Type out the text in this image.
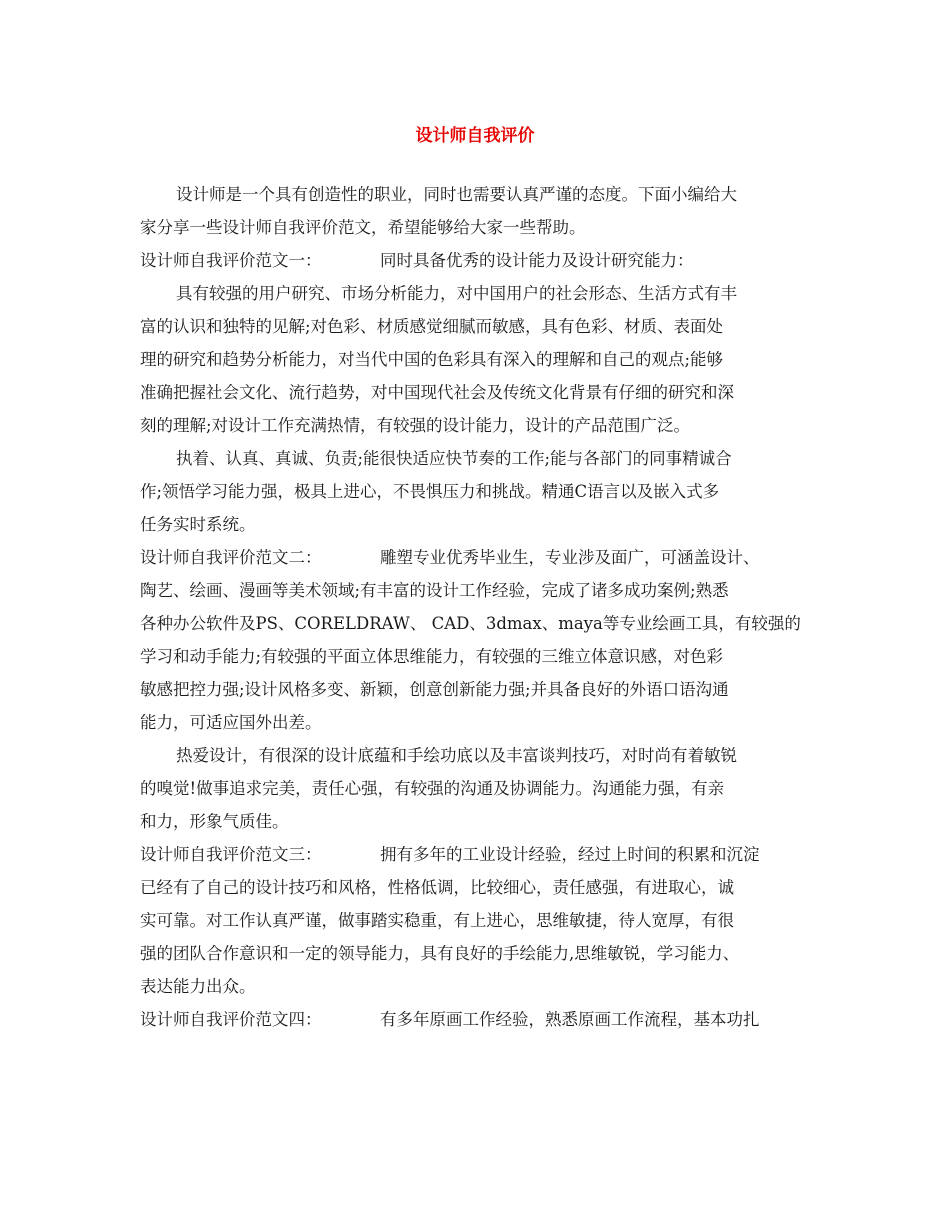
设计师自我评价
设计师是一个具有创造性的职业，同时也需要认真严谨的态度。下面小编给大
家分享一些设计师自我评价范文，希望能够给大家一些帮助。
设计师自我评价范文一：	同时具备优秀的设计能力及设计研究能力：
具有较强的用户研究、市场分析能力，对中国用户的社会形态、生活方式有丰
富的认识和独特的见解;对色彩、材质感觉细腻而敏感，具有色彩、材质、表面处
理的研究和趋势分析能力，对当代中国的色彩具有深入的理解和自己的观点;能够
准确把握社会文化、流行趋势，对中国现代社会及传统文化背景有仔细的研究和深
刻的理解;对设计工作充满热情，有较强的设计能力，设计的产品范围广泛。
执着、认真、真诚、负责;能很快适应快节奏的工作;能与各部门的同事精诚合
作;领悟学习能力强，极具上进心，不畏惧压力和挑战。精通C语言以及嵌入式多
任务实时系统。
设计师自我评价范文二：	雕塑专业优秀毕业生，专业涉及面广，可涵盖设计、
陶艺、绘画、漫画等美术领域;有丰富的设计工作经验，完成了诸多成功案例;熟悉
各种办公软件及PS、CORELDRAW、 CAD、3dmax、maya等专业绘画工具，有较强的
学习和动手能力;有较强的平面立体思维能力，有较强的三维立体意识感，对色彩
敏感把控力强;设计风格多变、新颖，创意创新能力强;并具备良好的外语口语沟通
能力，可适应国外出差。
热爱设计，有很深的设计底蕴和手绘功底以及丰富谈判技巧，对时尚有着敏锐
的嗅觉!做事追求完美，责任心强，有较强的沟通及协调能力。沟通能力强，有亲
和力，形象气质佳。
设计师自我评价范文三：	拥有多年的工业设计经验，经过上时间的积累和沉淀
已经有了自己的设计技巧和风格，性格低调，比较细心，责任感强，有进取心，诚
实可靠。对工作认真严谨，做事踏实稳重，有上进心，思维敏捷，待人宽厚，有很
强的团队合作意识和一定的领导能力，具有良好的手绘能力,思维敏锐，学习能力、
表达能力出众。
设计师自我评价范文四：	有多年原画工作经验，熟悉原画工作流程，基本功扎
